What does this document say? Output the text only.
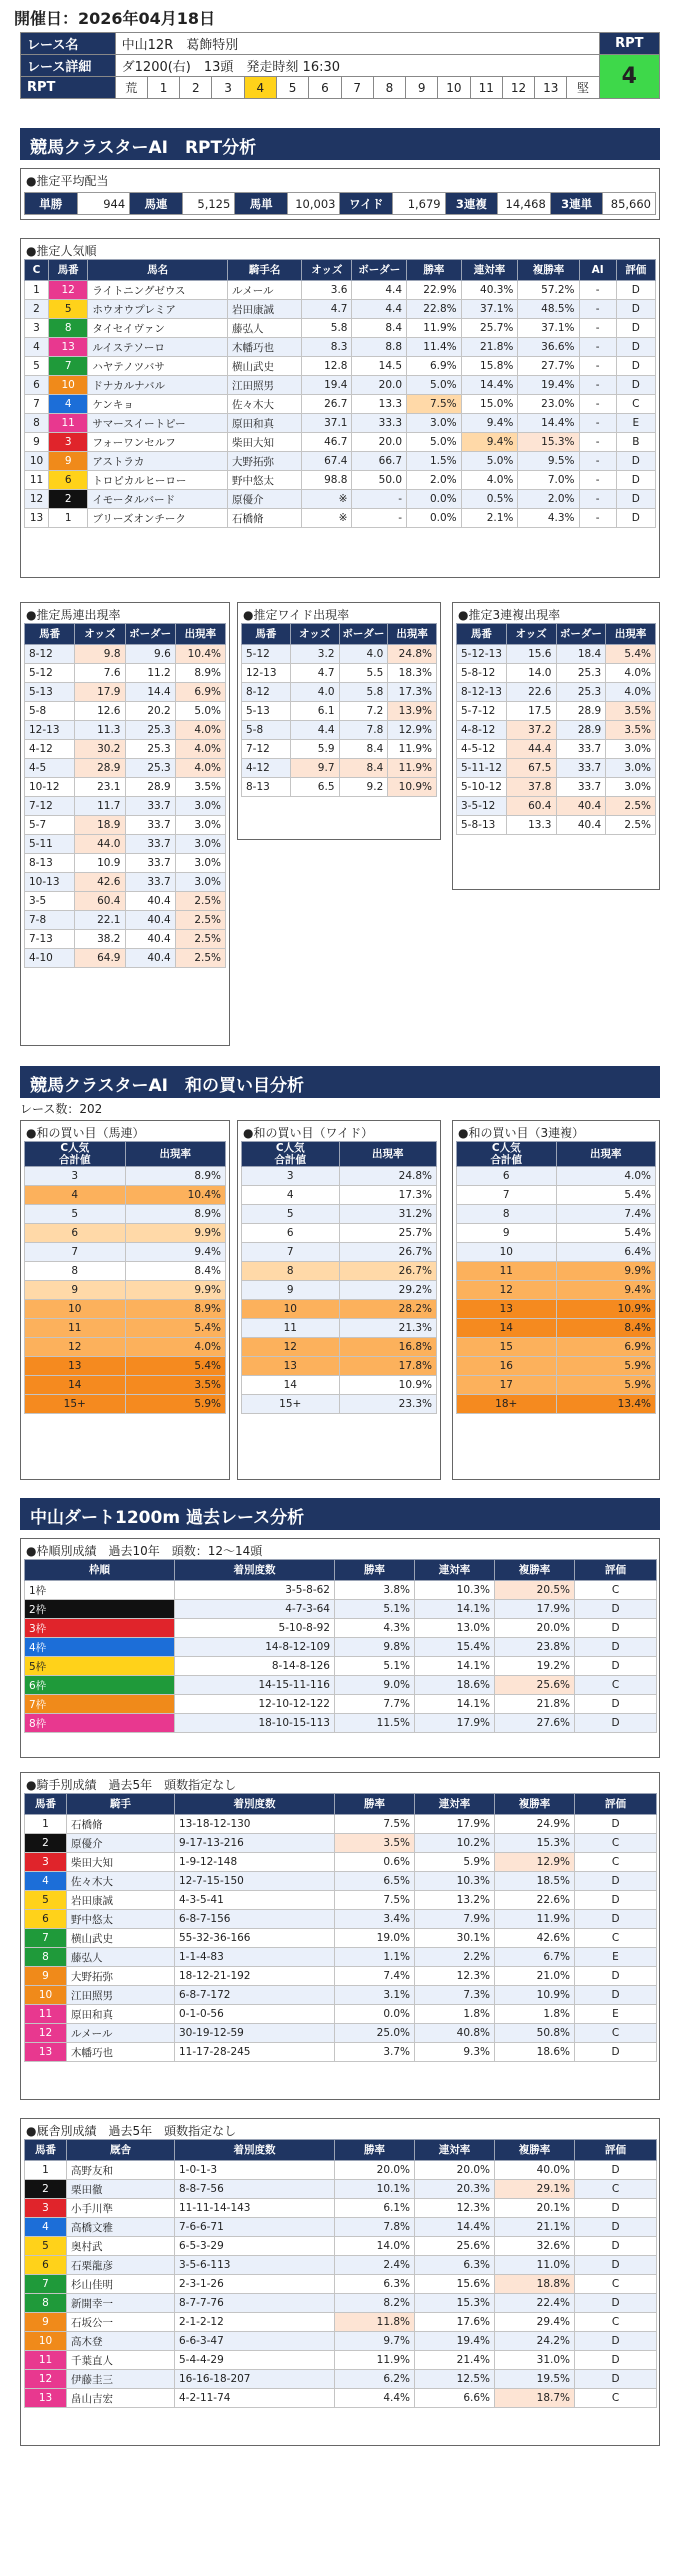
開催日：2026年04月18日
レース名	中山12R　葛飾特別															RPT
レース詳細	ダ1200(右)　13頭　発走時刻 16:30															4
RPT	荒	1	2	3	4	5	6	7	8	9	10	11	12	13	堅	
競馬クラスターAI　RPT分析
●推定平均配当
単勝	944	馬連	5,125	馬単	10,003	ワイド	1,679	3連複	14,468	3連単	85,660
●推定人気順
C	馬番	馬名	騎手名	オッズ	ボーダー	勝率	連対率	複勝率	AI	評価
1	12	ライトニングゼウス	ルメール	3.6	4.4	22.9%	40.3%	57.2%	-	D
2	5	ホウオウプレミア	岩田康誠	4.7	4.4	22.8%	37.1%	48.5%	-	D
3	8	タイセイヴァン	藤弘人	5.8	8.4	11.9%	25.7%	37.1%	-	D
4	13	ルイステソーロ	木幡巧也	8.3	8.8	11.4%	21.8%	36.6%	-	D
5	7	ハヤテノツバサ	横山武史	12.8	14.5	6.9%	15.8%	27.7%	-	D
6	10	ドナカルナバル	江田照男	19.4	20.0	5.0%	14.4%	19.4%	-	D
7	4	ケンキョ	佐々木大	26.7	13.3	7.5%	15.0%	23.0%	-	C
8	11	サマースイートピー	原田和真	37.1	33.3	3.0%	9.4%	14.4%	-	E
9	3	フォーワンセルフ	柴田大知	46.7	20.0	5.0%	9.4%	15.3%	-	B
10	9	アストラカ	大野拓弥	67.4	66.7	1.5%	5.0%	9.5%	-	D
11	6	トロピカルヒーロー	野中悠太	98.8	50.0	2.0%	4.0%	7.0%	-	D
12	2	イモータルバード	原優介	※	-	0.0%	0.5%	2.0%	-	D
13	1	ブリーズオンチーク	石橋脩	※	-	0.0%	2.1%	4.3%	-	D
●推定馬連出現率
馬番	オッズ	ボーダー	出現率
8-12	9.8	9.6	10.4%
5-12	7.6	11.2	8.9%
5-13	17.9	14.4	6.9%
5-8	12.6	20.2	5.0%
12-13	11.3	25.3	4.0%
4-12	30.2	25.3	4.0%
4-5	28.9	25.3	4.0%
10-12	23.1	28.9	3.5%
7-12	11.7	33.7	3.0%
5-7	18.9	33.7	3.0%
5-11	44.0	33.7	3.0%
8-13	10.9	33.7	3.0%
10-13	42.6	33.7	3.0%
3-5	60.4	40.4	2.5%
7-8	22.1	40.4	2.5%
7-13	38.2	40.4	2.5%
4-10	64.9	40.4	2.5%
●推定ワイド出現率
馬番	オッズ	ボーダー	出現率
5-12	3.2	4.0	24.8%
12-13	4.7	5.5	18.3%
8-12	4.0	5.8	17.3%
5-13	6.1	7.2	13.9%
5-8	4.4	7.8	12.9%
7-12	5.9	8.4	11.9%
4-12	9.7	8.4	11.9%
8-13	6.5	9.2	10.9%
●推定3連複出現率
馬番	オッズ	ボーダー	出現率
5-12-13	15.6	18.4	5.4%
5-8-12	14.0	25.3	4.0%
8-12-13	22.6	25.3	4.0%
5-7-12	17.5	28.9	3.5%
4-8-12	37.2	28.9	3.5%
4-5-12	44.4	33.7	3.0%
5-11-12	67.5	33.7	3.0%
5-10-12	37.8	33.7	3.0%
3-5-12	60.4	40.4	2.5%
5-8-13	13.3	40.4	2.5%
競馬クラスターAI　和の買い目分析
レース数：202
●和の買い目（馬連）
C人気
合計値	出現率
3	8.9%
4	10.4%
5	8.9%
6	9.9%
7	9.4%
8	8.4%
9	9.9%
10	8.9%
11	5.4%
12	4.0%
13	5.4%
14	3.5%
15+	5.9%
●和の買い目（ワイド）
C人気
合計値	出現率
3	24.8%
4	17.3%
5	31.2%
6	25.7%
7	26.7%
8	26.7%
9	29.2%
10	28.2%
11	21.3%
12	16.8%
13	17.8%
14	10.9%
15+	23.3%
●和の買い目（3連複）
C人気
合計値	出現率
6	4.0%
7	5.4%
8	7.4%
9	5.4%
10	6.4%
11	9.9%
12	9.4%
13	10.9%
14	8.4%
15	6.9%
16	5.9%
17	5.9%
18+	13.4%
中山ダート1200m 過去レース分析
●枠順別成績　過去10年　頭数：12～14頭
枠順	着別度数	勝率	連対率	複勝率	評価
1枠	3-5-8-62	3.8%	10.3%	20.5%	C
2枠	4-7-3-64	5.1%	14.1%	17.9%	D
3枠	5-10-8-92	4.3%	13.0%	20.0%	D
4枠	14-8-12-109	9.8%	15.4%	23.8%	D
5枠	8-14-8-126	5.1%	14.1%	19.2%	D
6枠	14-15-11-116	9.0%	18.6%	25.6%	C
7枠	12-10-12-122	7.7%	14.1%	21.8%	D
8枠	18-10-15-113	11.5%	17.9%	27.6%	D
●騎手別成績　過去5年　頭数指定なし
馬番	騎手	着別度数	勝率	連対率	複勝率	評価
1	石橋脩	13-18-12-130	7.5%	17.9%	24.9%	D
2	原優介	9-17-13-216	3.5%	10.2%	15.3%	C
3	柴田大知	1-9-12-148	0.6%	5.9%	12.9%	C
4	佐々木大	12-7-15-150	6.5%	10.3%	18.5%	D
5	岩田康誠	4-3-5-41	7.5%	13.2%	22.6%	D
6	野中悠太	6-8-7-156	3.4%	7.9%	11.9%	D
7	横山武史	55-32-36-166	19.0%	30.1%	42.6%	C
8	藤弘人	1-1-4-83	1.1%	2.2%	6.7%	E
9	大野拓弥	18-12-21-192	7.4%	12.3%	21.0%	D
10	江田照男	6-8-7-172	3.1%	7.3%	10.9%	D
11	原田和真	0-1-0-56	0.0%	1.8%	1.8%	E
12	ルメール	30-19-12-59	25.0%	40.8%	50.8%	C
13	木幡巧也	11-17-28-245	3.7%	9.3%	18.6%	D
●厩舎別成績　過去5年　頭数指定なし
馬番	厩舎	着別度数	勝率	連対率	複勝率	評価
1	高野友和	1-0-1-3	20.0%	20.0%	40.0%	D
2	栗田徹	8-8-7-56	10.1%	20.3%	29.1%	C
3	小手川準	11-11-14-143	6.1%	12.3%	20.1%	D
4	高橋文雅	7-6-6-71	7.8%	14.4%	21.1%	D
5	奥村武	6-5-3-29	14.0%	25.6%	32.6%	D
6	石栗龍彦	3-5-6-113	2.4%	6.3%	11.0%	D
7	杉山佳明	2-3-1-26	6.3%	15.6%	18.8%	C
8	新開幸一	8-7-7-76	8.2%	15.3%	22.4%	D
9	石坂公一	2-1-2-12	11.8%	17.6%	29.4%	C
10	高木登	6-6-3-47	9.7%	19.4%	24.2%	D
11	千葉直人	5-4-4-29	11.9%	21.4%	31.0%	D
12	伊藤圭三	16-16-18-207	6.2%	12.5%	19.5%	D
13	畠山吉宏	4-2-11-74	4.4%	6.6%	18.7%	C
